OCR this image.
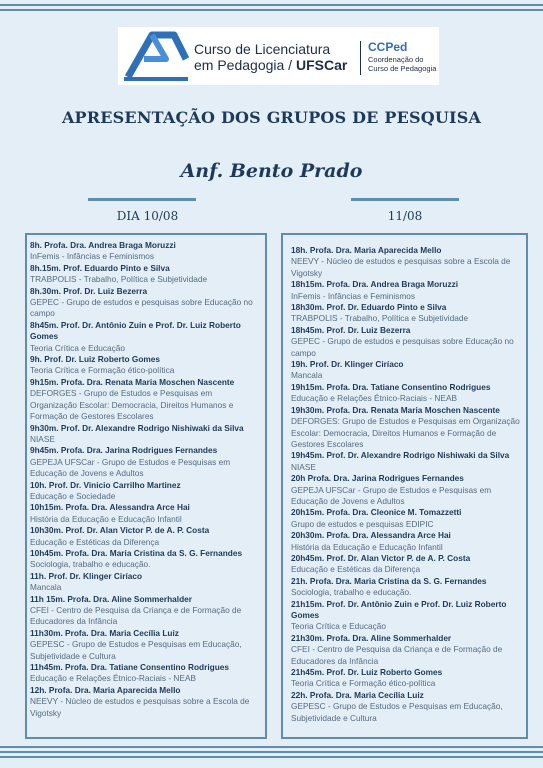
Curso de Licenciatura
em Pedagogia / UFSCar
CCPed
Coordenação do
Curso de Pedagogia
APRESENTAÇÃO DOS GRUPOS DE PESQUISA
Anf. Bento Prado
DIA 10/08	11/08
8h. Profa. Dra. Andrea Braga Moruzzi
InFemis - Infâncias e Feminismos
8h.15m. Prof. Eduardo Pinto e Silva
TRABPOLIS - Trabalho, Política e Subjetividade
8h.30m. Prof. Dr. Luiz Bezerra
GEPEC - Grupo de estudos e pesquisas sobre Educação no campo
8h45m. Prof. Dr. Antônio Zuin e Prof. Dr. Luiz Roberto Gomes
Teoria Crítica e Educação
9h. Prof. Dr. Luiz Roberto Gomes
Teoria Crítica e Formação ético-política
9h15m. Profa. Dra. Renata Maria Moschen Nascente
DEFORGES - Grupo de Estudos e Pesquisas em Organização Escolar: Democracia, Direitos Humanos e Formação de Gestores Escolares
9h30m. Prof. Dr. Alexandre Rodrigo Nishiwaki da Silva
NIASE
9h45m. Profa. Dra. Jarina Rodrigues Fernandes
GEPEJA UFSCar - Grupo de Estudos e Pesquisas em Educação de Jovens e Adultos
10h. Prof. Dr. Vinicio Carrilho Martinez
Educação e Sociedade
10h15m. Profa. Dra. Alessandra Arce Hai
História da Educação e Educação Infantil
10h30m. Prof. Dr. Alan Victor P. de A. P. Costa
Educação e Estéticas da Diferença
10h45m. Profa. Dra. Maria Cristina da S. G. Fernandes
Sociologia, trabalho e educação.
11h. Prof. Dr. Klinger Ciríaco
Mancala
11h 15m. Profa. Dra. Aline Sommerhalder
CFEI - Centro de Pesquisa da Criança e de Formação de Educadores da Infância
11h30m. Profa. Dra. Maria Cecília Luiz
GEPESC - Grupo de Estudos e Pesquisas em Educação, Subjetividade e Cultura
11h45m. Profa. Dra. Tatiane Consentino Rodrigues
Educação e Relações Étnico-Raciais - NEAB
12h. Profa. Dra. Maria Aparecida Mello
NEEVY - Núcleo de estudos e pesquisas sobre a Escola de Vigotsky
18h. Profa. Dra. Maria Aparecida Mello
NEEVY - Núcleo de estudos e pesquisas sobre a Escola de Vigotsky
18h15m. Profa. Dra. Andrea Braga Moruzzi
InFemis - Infâncias e Feminismos
18h30m. Prof. Dr. Eduardo Pinto e Silva
TRABPOLIS - Trabalho, Política e Subjetividade
18h45m. Prof. Dr. Luiz Bezerra
GEPEC - Grupo de estudos e pesquisas sobre Educação no campo
19h. Prof. Dr. Klinger Ciríaco
Mancala
19h15m. Profa. Dra. Tatiane Consentino Rodrigues
Educação e Relações Étnico-Raciais - NEAB
19h30m. Profa. Dra. Renata Maria Moschen Nascente
DEFORGES: Grupo de Estudos e Pesquisas em Organização Escolar: Democracia, Direitos Humanos e Formação de Gestores Escolares
19h45m. Prof. Dr. Alexandre Rodrigo Nishiwaki da Silva
NIASE
20h Profa. Dra. Jarina Rodrigues Fernandes
GEPEJA UFSCar - Grupo de Estudos e Pesquisas em Educação de Jovens e Adultos
20h15m. Profa. Dra. Cleonice M. Tomazzetti
Grupo de estudos e pesquisas EDIPIC
20h30m. Profa. Dra. Alessandra Arce Hai
História da Educação e Educação Infantil
20h45m. Prof. Dr. Alan Victor P. de A. P. Costa
Educação e Estéticas da Diferença
21h. Profa. Dra. Maria Cristina da S. G. Fernandes
Sociologia, trabalho e educação.
21h15m. Prof. Dr. Antônio Zuin e Prof. Dr. Luiz Roberto Gomes
Teoria Crítica e Educação
21h30m. Profa. Dra. Aline Sommerhalder
CFEI - Centro de Pesquisa da Criança e de Formação de Educadores da Infância
21h45m. Prof. Dr. Luiz Roberto Gomes
Teoria Crítica e Formação ético-política
22h. Profa. Dra. Maria Cecília Luiz
GEPESC - Grupo de Estudos e Pesquisas em Educação, Subjetividade e Cultura
